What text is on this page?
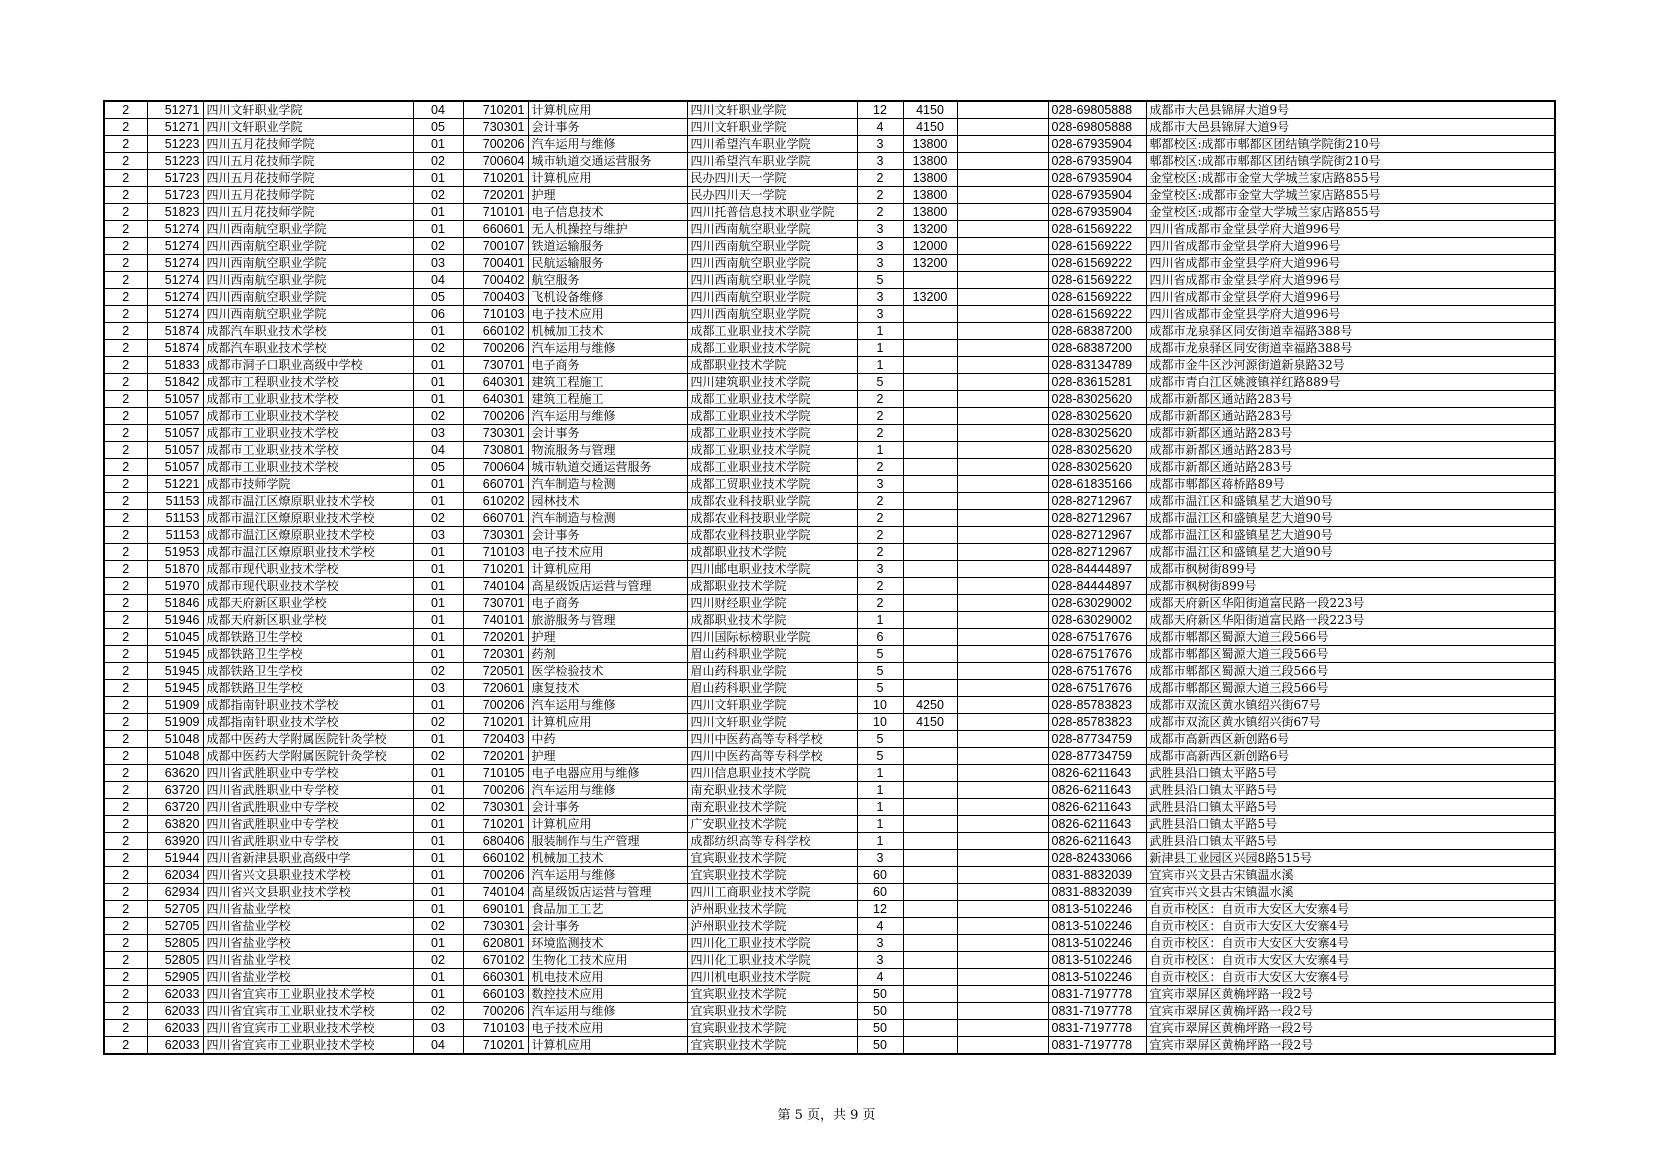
2	51271	四川文轩职业学院	04	710201	计算机应用	四川文轩职业学院	12	4150		028-69805888	成都市大邑县锦屏大道9号
2	51271	四川文轩职业学院	05	730301	会计事务	四川文轩职业学院	4	4150		028-69805888	成都市大邑县锦屏大道9号
2	51223	四川五月花技师学院	01	700206	汽车运用与维修	四川希望汽车职业学院	3	13800		028-67935904	郫都校区:成都市郫都区团结镇学院街210号
2	51223	四川五月花技师学院	02	700604	城市轨道交通运营服务	四川希望汽车职业学院	3	13800		028-67935904	郫都校区:成都市郫都区团结镇学院街210号
2	51723	四川五月花技师学院	01	710201	计算机应用	民办四川天一学院	2	13800		028-67935904	金堂校区:成都市金堂大学城兰家店路855号
2	51723	四川五月花技师学院	02	720201	护理	民办四川天一学院	2	13800		028-67935904	金堂校区:成都市金堂大学城兰家店路855号
2	51823	四川五月花技师学院	01	710101	电子信息技术	四川托普信息技术职业学院	2	13800		028-67935904	金堂校区:成都市金堂大学城兰家店路855号
2	51274	四川西南航空职业学院	01	660601	无人机操控与维护	四川西南航空职业学院	3	13200		028-61569222	四川省成都市金堂县学府大道996号
2	51274	四川西南航空职业学院	02	700107	铁道运输服务	四川西南航空职业学院	3	12000		028-61569222	四川省成都市金堂县学府大道996号
2	51274	四川西南航空职业学院	03	700401	民航运输服务	四川西南航空职业学院	3	13200		028-61569222	四川省成都市金堂县学府大道996号
2	51274	四川西南航空职业学院	04	700402	航空服务	四川西南航空职业学院	5			028-61569222	四川省成都市金堂县学府大道996号
2	51274	四川西南航空职业学院	05	700403	飞机设备维修	四川西南航空职业学院	3	13200		028-61569222	四川省成都市金堂县学府大道996号
2	51274	四川西南航空职业学院	06	710103	电子技术应用	四川西南航空职业学院	3			028-61569222	四川省成都市金堂县学府大道996号
2	51874	成都汽车职业技术学校	01	660102	机械加工技术	成都工业职业技术学院	1			028-68387200	成都市龙泉驿区同安街道幸福路388号
2	51874	成都汽车职业技术学校	02	700206	汽车运用与维修	成都工业职业技术学院	1			028-68387200	成都市龙泉驿区同安街道幸福路388号
2	51833	成都市洞子口职业高级中学校	01	730701	电子商务	成都职业技术学院	1			028-83134789	成都市金牛区沙河源街道新泉路32号
2	51842	成都市工程职业技术学校	01	640301	建筑工程施工	四川建筑职业技术学院	5			028-83615281	成都市青白江区姚渡镇祥红路889号
2	51057	成都市工业职业技术学校	01	640301	建筑工程施工	成都工业职业技术学院	2			028-83025620	成都市新都区通站路283号
2	51057	成都市工业职业技术学校	02	700206	汽车运用与维修	成都工业职业技术学院	2			028-83025620	成都市新都区通站路283号
2	51057	成都市工业职业技术学校	03	730301	会计事务	成都工业职业技术学院	2			028-83025620	成都市新都区通站路283号
2	51057	成都市工业职业技术学校	04	730801	物流服务与管理	成都工业职业技术学院	1			028-83025620	成都市新都区通站路283号
2	51057	成都市工业职业技术学校	05	700604	城市轨道交通运营服务	成都工业职业技术学院	2			028-83025620	成都市新都区通站路283号
2	51221	成都市技师学院	01	660701	汽车制造与检测	成都工贸职业技术学院	3			028-61835166	成都市郫都区蒋桥路89号
2	51153	成都市温江区燎原职业技术学校	01	610202	园林技术	成都农业科技职业学院	2			028-82712967	成都市温江区和盛镇星艺大道90号
2	51153	成都市温江区燎原职业技术学校	02	660701	汽车制造与检测	成都农业科技职业学院	2			028-82712967	成都市温江区和盛镇星艺大道90号
2	51153	成都市温江区燎原职业技术学校	03	730301	会计事务	成都农业科技职业学院	2			028-82712967	成都市温江区和盛镇星艺大道90号
2	51953	成都市温江区燎原职业技术学校	01	710103	电子技术应用	成都职业技术学院	2			028-82712967	成都市温江区和盛镇星艺大道90号
2	51870	成都市现代职业技术学校	01	710201	计算机应用	四川邮电职业技术学院	3			028-84444897	成都市枫树街899号
2	51970	成都市现代职业技术学校	01	740104	高星级饭店运营与管理	成都职业技术学院	2			028-84444897	成都市枫树街899号
2	51846	成都天府新区职业学校	01	730701	电子商务	四川财经职业学院	2			028-63029002	成都天府新区华阳街道富民路一段223号
2	51946	成都天府新区职业学校	01	740101	旅游服务与管理	成都职业技术学院	1			028-63029002	成都天府新区华阳街道富民路一段223号
2	51045	成都铁路卫生学校	01	720201	护理	四川国际标榜职业学院	6			028-67517676	成都市郫都区蜀源大道三段566号
2	51945	成都铁路卫生学校	01	720301	药剂	眉山药科职业学院	5			028-67517676	成都市郫都区蜀源大道三段566号
2	51945	成都铁路卫生学校	02	720501	医学检验技术	眉山药科职业学院	5			028-67517676	成都市郫都区蜀源大道三段566号
2	51945	成都铁路卫生学校	03	720601	康复技术	眉山药科职业学院	5			028-67517676	成都市郫都区蜀源大道三段566号
2	51909	成都指南针职业技术学校	01	700206	汽车运用与维修	四川文轩职业学院	10	4250		028-85783823	成都市双流区黄水镇绍兴街67号
2	51909	成都指南针职业技术学校	02	710201	计算机应用	四川文轩职业学院	10	4150		028-85783823	成都市双流区黄水镇绍兴街67号
2	51048	成都中医药大学附属医院针灸学校	01	720403	中药	四川中医药高等专科学校	5			028-87734759	成都市高新西区新创路6号
2	51048	成都中医药大学附属医院针灸学校	02	720201	护理	四川中医药高等专科学校	5			028-87734759	成都市高新西区新创路6号
2	63620	四川省武胜职业中专学校	01	710105	电子电器应用与维修	四川信息职业技术学院	1			0826-6211643	武胜县沿口镇太平路5号
2	63720	四川省武胜职业中专学校	01	700206	汽车运用与维修	南充职业技术学院	1			0826-6211643	武胜县沿口镇太平路5号
2	63720	四川省武胜职业中专学校	02	730301	会计事务	南充职业技术学院	1			0826-6211643	武胜县沿口镇太平路5号
2	63820	四川省武胜职业中专学校	01	710201	计算机应用	广安职业技术学院	1			0826-6211643	武胜县沿口镇太平路5号
2	63920	四川省武胜职业中专学校	01	680406	服装制作与生产管理	成都纺织高等专科学校	1			0826-6211643	武胜县沿口镇太平路5号
2	51944	四川省新津县职业高级中学	01	660102	机械加工技术	宜宾职业技术学院	3			028-82433066	新津县工业园区兴园8路515号
2	62034	四川省兴文县职业技术学校	01	700206	汽车运用与维修	宜宾职业技术学院	60			0831-8832039	宜宾市兴文县古宋镇温水溪
2	62934	四川省兴文县职业技术学校	01	740104	高星级饭店运营与管理	四川工商职业技术学院	60			0831-8832039	宜宾市兴文县古宋镇温水溪
2	52705	四川省盐业学校	01	690101	食品加工工艺	泸州职业技术学院	12			0813-5102246	自贡市校区：自贡市大安区大安寨4号
2	52705	四川省盐业学校	02	730301	会计事务	泸州职业技术学院	4			0813-5102246	自贡市校区：自贡市大安区大安寨4号
2	52805	四川省盐业学校	01	620801	环境监测技术	四川化工职业技术学院	3			0813-5102246	自贡市校区：自贡市大安区大安寨4号
2	52805	四川省盐业学校	02	670102	生物化工技术应用	四川化工职业技术学院	3			0813-5102246	自贡市校区：自贡市大安区大安寨4号
2	52905	四川省盐业学校	01	660301	机电技术应用	四川机电职业技术学院	4			0813-5102246	自贡市校区：自贡市大安区大安寨4号
2	62033	四川省宜宾市工业职业技术学校	01	660103	数控技术应用	宜宾职业技术学院	50			0831-7197778	宜宾市翠屏区黄桷坪路一段2号
2	62033	四川省宜宾市工业职业技术学校	02	700206	汽车运用与维修	宜宾职业技术学院	50			0831-7197778	宜宾市翠屏区黄桷坪路一段2号
2	62033	四川省宜宾市工业职业技术学校	03	710103	电子技术应用	宜宾职业技术学院	50			0831-7197778	宜宾市翠屏区黄桷坪路一段2号
2	62033	四川省宜宾市工业职业技术学校	04	710201	计算机应用	宜宾职业技术学院	50			0831-7197778	宜宾市翠屏区黄桷坪路一段2号
第 5 页，共 9 页
